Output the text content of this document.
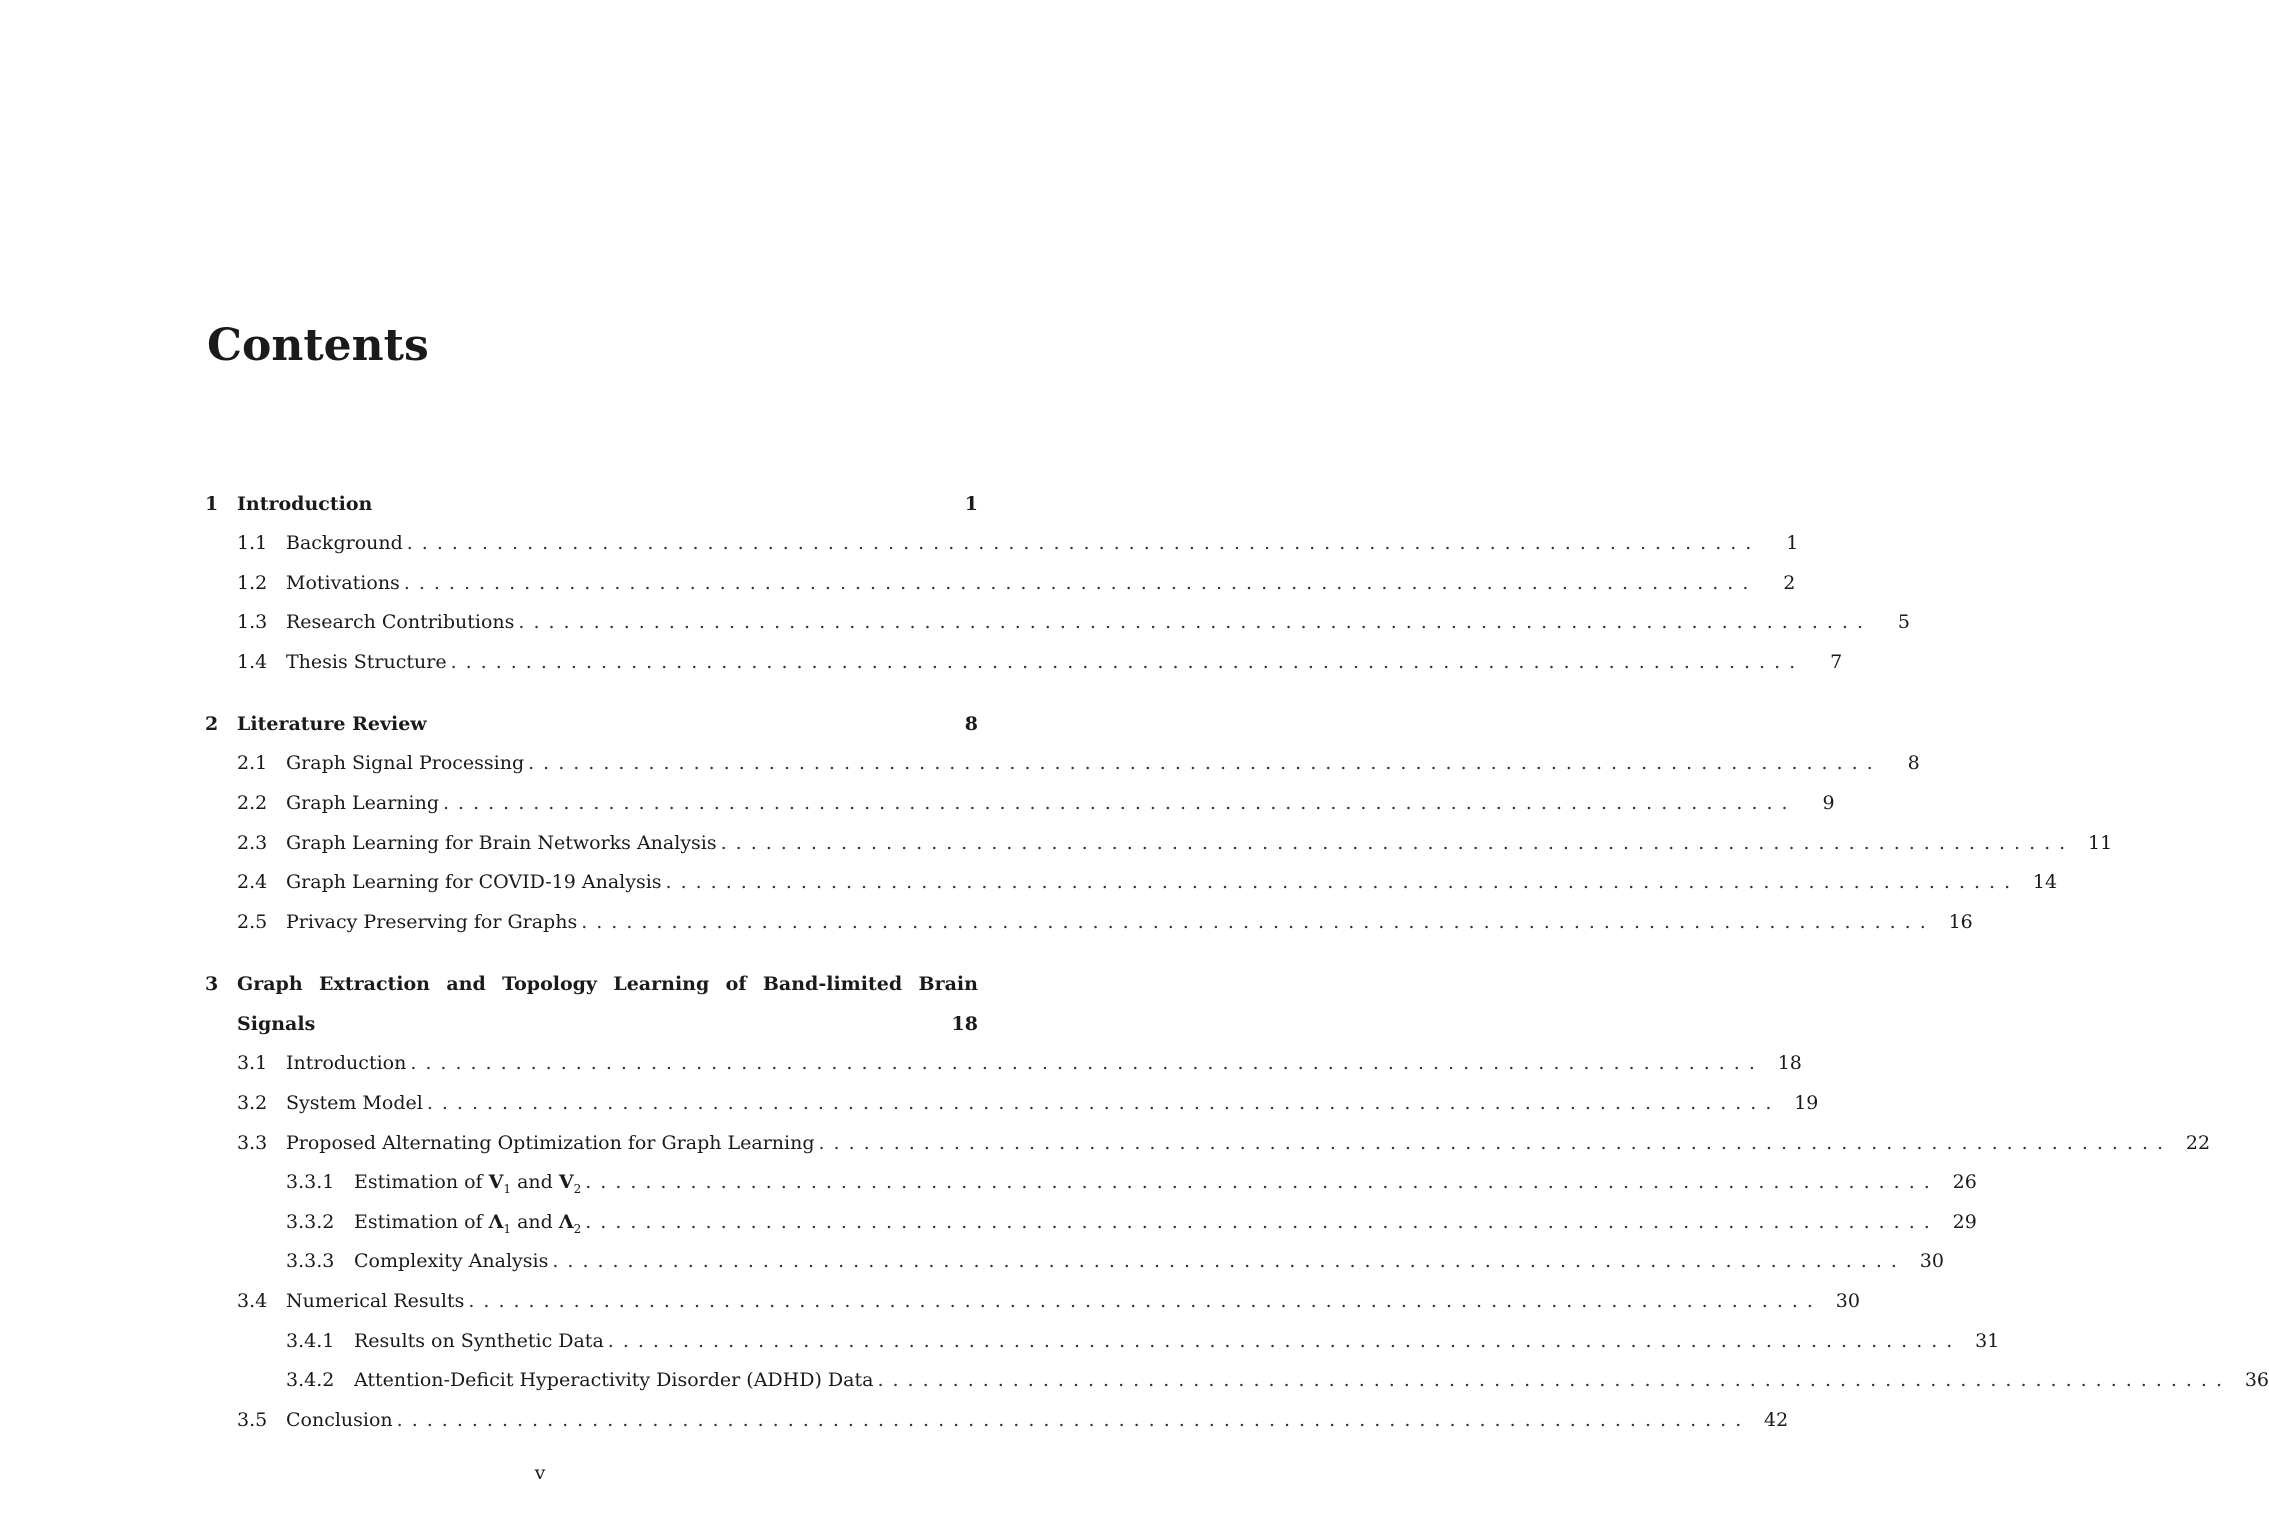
Contents
1 Introduction	1
1.1 Background ..........................................................................................	1
1.2 Motivations ..........................................................................................	2
1.3 Research Contributions ..........................................................................................	5
1.4 Thesis Structure ..........................................................................................	7
2 Literature Review	8
2.1 Graph Signal Processing ..........................................................................................	8
2.2 Graph Learning ..........................................................................................	9
2.3 Graph Learning for Brain Networks Analysis .......................................................................................... 11
2.4 Graph Learning for COVID-19 Analysis .......................................................................................... 14
2.5 Privacy Preserving for Graphs .......................................................................................... 16
3 Graph Extraction and Topology Learning of Band-limited Brain
Signals	18
3.1 Introduction .......................................................................................... 18
3.2 System Model .......................................................................................... 19
3.3 Proposed Alternating Optimization for Graph Learning .......................................................................................... 22
3.3.1	Estimation of $V_1$ and $V_2$ .......................................................................................... 26
3.3.2	Estimation of $\Lambda_1$ and $\Lambda_2$ .......................................................................................... 29
3.3.3	Complexity Analysis .......................................................................................... 30
3.4 Numerical Results .......................................................................................... 30
3.4.1	Results on Synthetic Data .......................................................................................... 31
3.4.2	Attention-Deficit Hyperactivity Disorder (ADHD) Data .......................................................................................... 36
3.5 Conclusion .......................................................................................... 42
v
